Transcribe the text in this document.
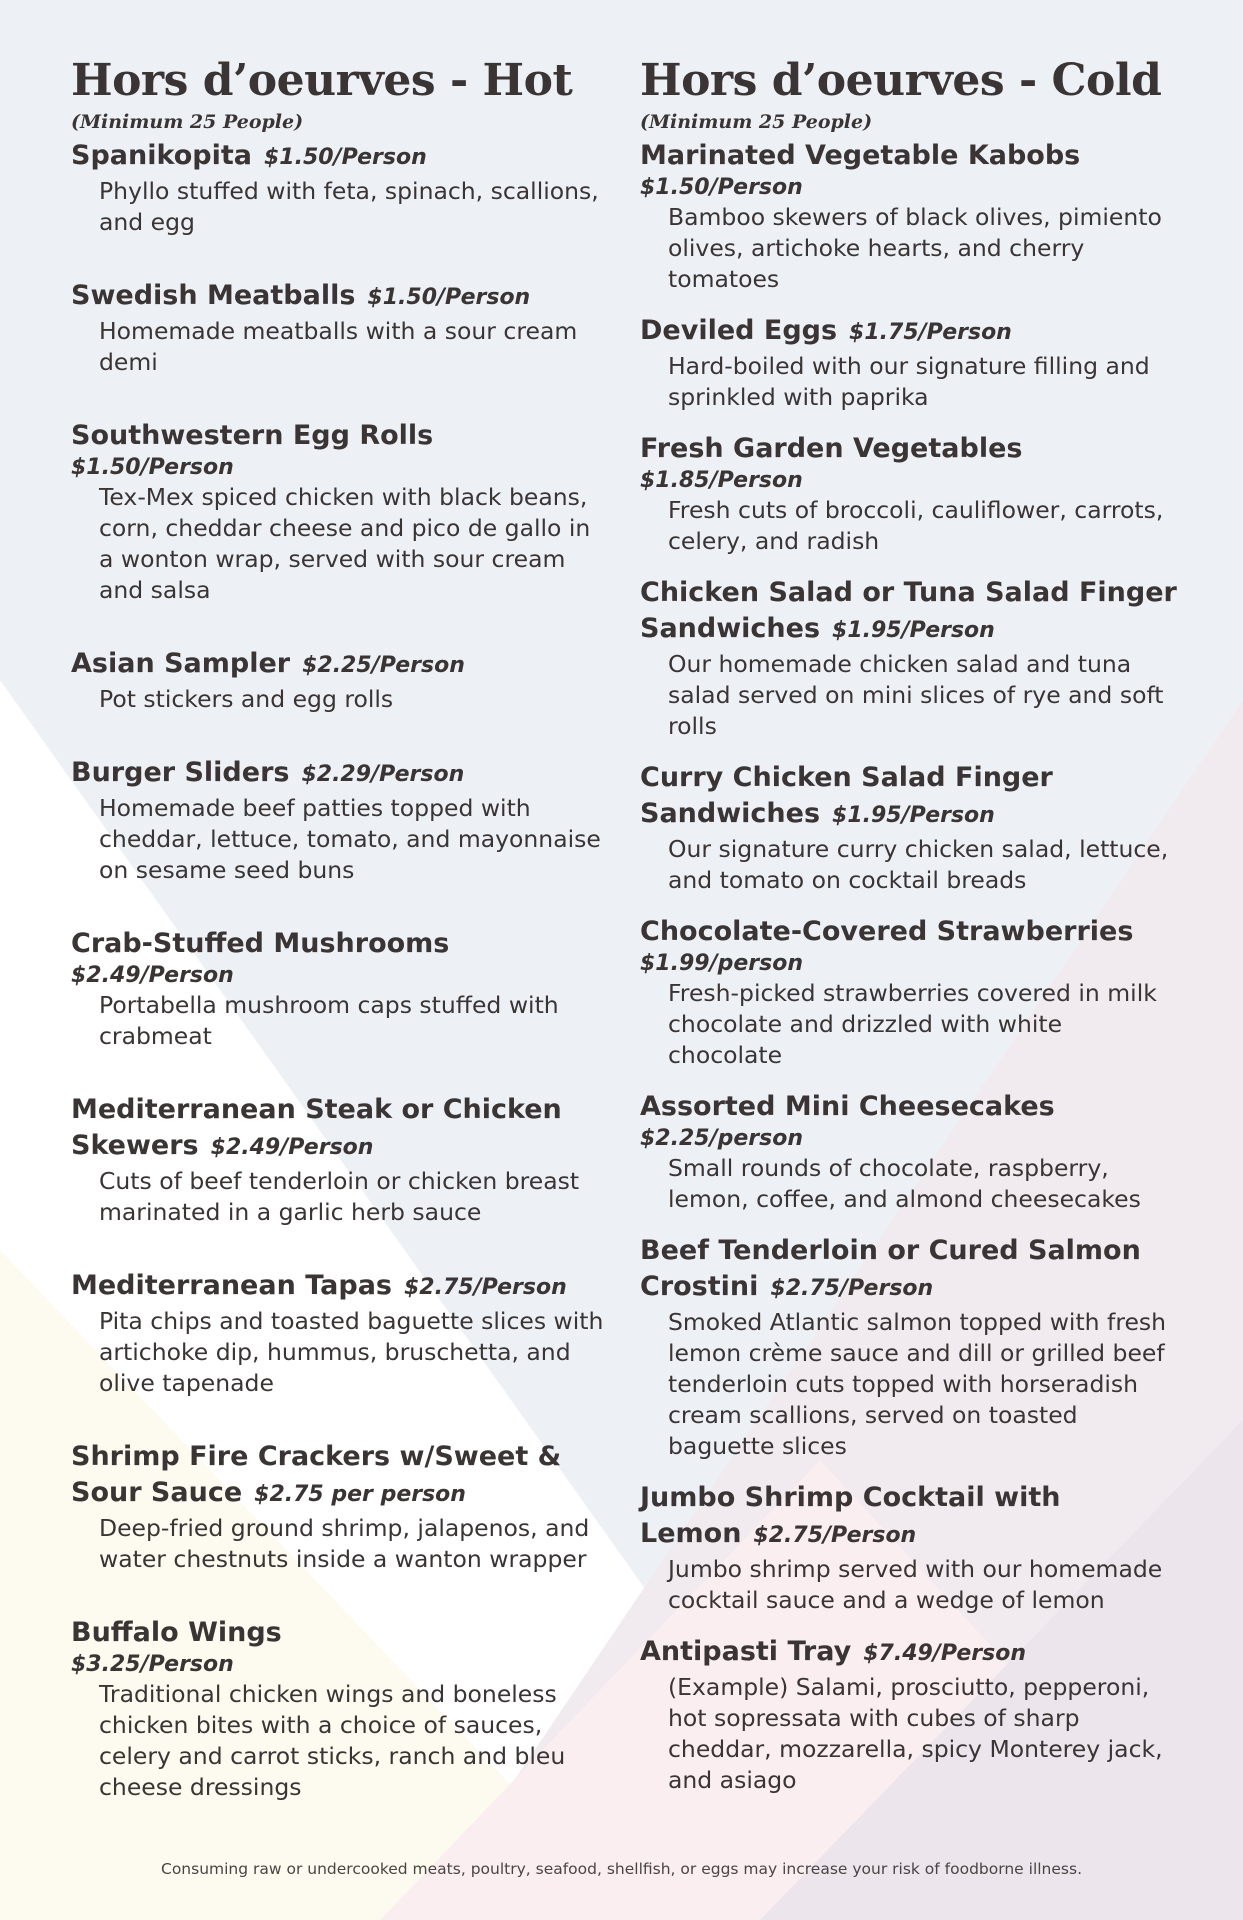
Hors d’oeurves - Hot

(Minimum 25 People)

Spanikopita $1.50/Person

Phyllo stuffed with feta, spinach, scallions, and egg

Swedish Meatballs $1.50/Person

Homemade meatballs with a sour cream demi

Southwestern Egg Rolls

$1.50/Person

Tex-Mex spiced chicken with black beans, corn, cheddar cheese and pico de gallo in a wonton wrap, served with sour cream and salsa

Asian Sampler $2.25/Person

Pot stickers and egg rolls

Burger Sliders $2.29/Person

Homemade beef patties topped with cheddar, lettuce, tomato, and mayonnaise on sesame seed buns

Crab-Stuffed Mushrooms

$2.49/Person

Portabella mushroom caps stuffed with crabmeat

Mediterranean Steak or Chicken Skewers $2.49/Person

Cuts of beef tenderloin or chicken breast marinated in a garlic herb sauce

Mediterranean Tapas $2.75/Person

Pita chips and toasted baguette slices with artichoke dip, hummus, bruschetta, and olive tapenade

Shrimp Fire Crackers w/Sweet & Sour Sauce $2.75 per person

Deep-fried ground shrimp, jalapenos, and water chestnuts inside a wanton wrapper

Buffalo Wings

$3.25/Person

Traditional chicken wings and boneless chicken bites with a choice of sauces, celery and carrot sticks, ranch and bleu cheese dressings

Hors d’oeurves - Cold

(Minimum 25 People)

Marinated Vegetable Kabobs

$1.50/Person

Bamboo skewers of black olives, pimiento olives, artichoke hearts, and cherry tomatoes

Deviled Eggs $1.75/Person

Hard-boiled with our signature filling and sprinkled with paprika

Fresh Garden Vegetables

$1.85/Person

Fresh cuts of broccoli, cauliflower, carrots, celery, and radish

Chicken Salad or Tuna Salad Finger Sandwiches $1.95/Person

Our homemade chicken salad and tuna salad served on mini slices of rye and soft rolls

Curry Chicken Salad Finger Sandwiches $1.95/Person

Our signature curry chicken salad, lettuce, and tomato on cocktail breads

Chocolate-Covered Strawberries

$1.99/person

Fresh-picked strawberries covered in milk chocolate and drizzled with white chocolate

Assorted Mini Cheesecakes

$2.25/person

Small rounds of chocolate, raspberry, lemon, coffee, and almond cheesecakes

Beef Tenderloin or Cured Salmon Crostini $2.75/Person

Smoked Atlantic salmon topped with fresh lemon crème sauce and dill or grilled beef tenderloin cuts topped with horseradish cream scallions, served on toasted baguette slices

Jumbo Shrimp Cocktail with Lemon $2.75/Person

Jumbo shrimp served with our homemade cocktail sauce and a wedge of lemon

Antipasti Tray $7.49/Person

(Example) Salami, prosciutto, pepperoni, hot sopressata with cubes of sharp cheddar, mozzarella, spicy Monterey jack, and asiago

Consuming raw or undercooked meats, poultry, seafood, shellfish, or eggs may increase your risk of foodborne illness.
